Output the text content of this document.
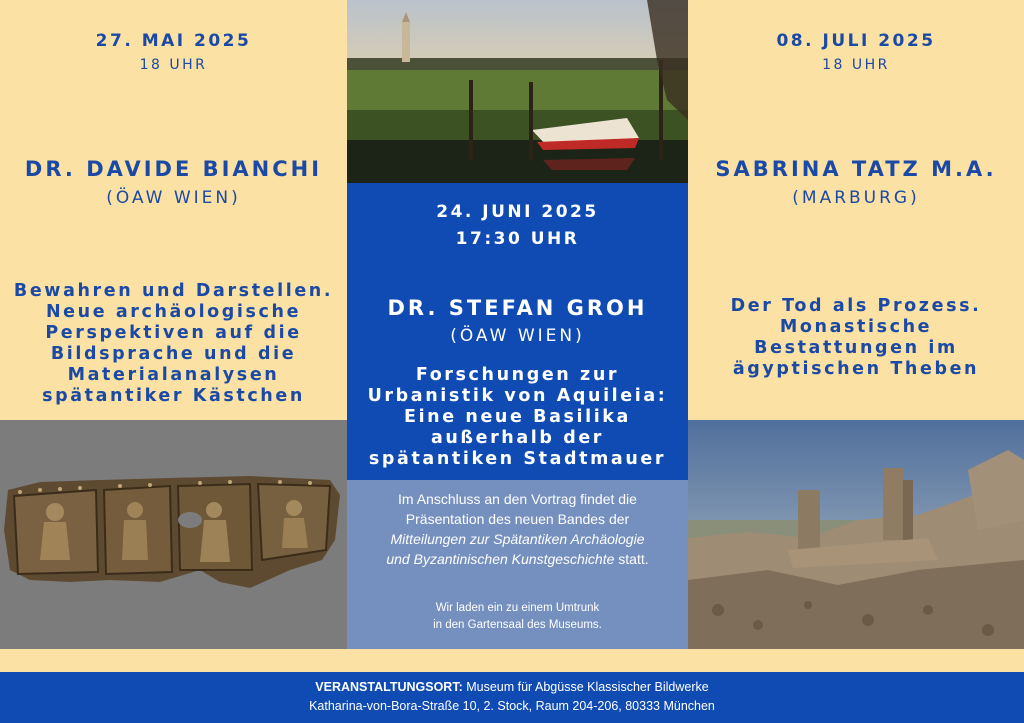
27. MAI 2025
18 UHR
DR. DAVIDE BIANCHI
(ÖAW WIEN)
Bewahren und Darstellen.
Neue archäologische
Perspektiven auf die
Bildsprache und die
Materialanalysen
spätantiker Kästchen
24. JUNI 2025
17:30 UHR
DR. STEFAN GROH
(ÖAW WIEN)
Forschungen zur
Urbanistik von Aquileia:
Eine neue Basilika
außerhalb der
spätantiken Stadtmauer
Im Anschluss an den Vortrag findet die
Präsentation des neuen Bandes der
Mitteilungen zur Spätantiken Archäologie
und Byzantinischen Kunstgeschichte statt.
Wir laden ein zu einem Umtrunk
in den Gartensaal des Museums.
08. JULI 2025
18 UHR
SABRINA TATZ M.A.
(MARBURG)
Der Tod als Prozess.
Monastische
Bestattungen im
ägyptischen Theben
VERANSTALTUNGSORT: Museum für Abgüsse Klassischer Bildwerke
Katharina-von-Bora-Straße 10, 2. Stock, Raum 204-206, 80333 München
